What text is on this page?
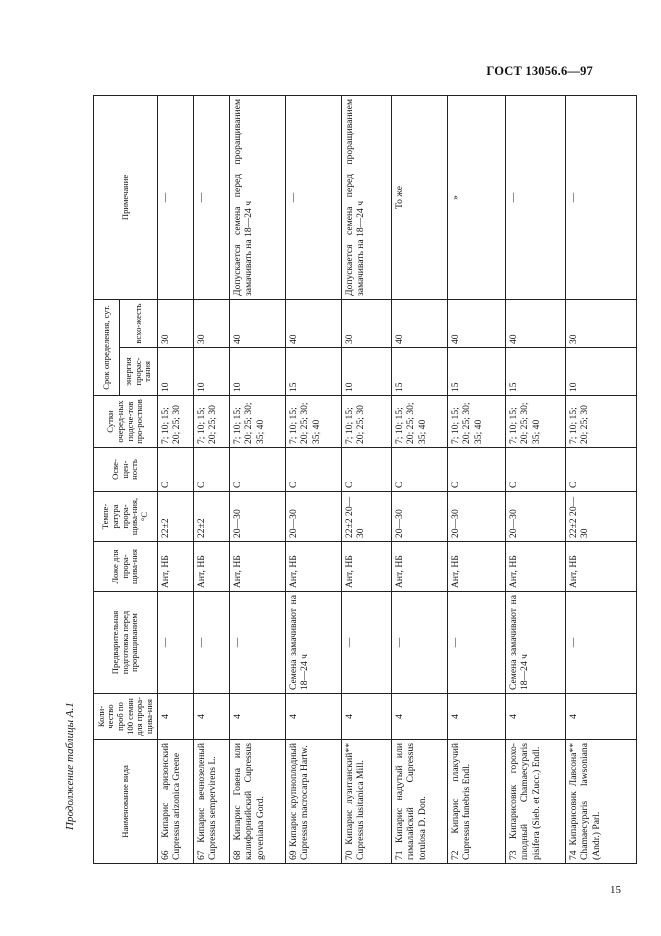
ГОСТ 13056.6—97
Продолжение таблицы А.1	Наименование вида	Коли-чество проб по 100 семян для прора-щива-ния	Предварительная подготовка перед проращиванием	Ложе для прора-щива-ния	Темпе-ратура прора-щива-ния, °С	Осве-щен-ность	Сутки очеред-ных подсче-тов про-ростков	Срок определения, сут.		Примечание
							энергия прорас-тания	всхо-жесть	
66 Кипарис аризонский Cupressus arizonica Greene	4	—	Ант, НБ	22±2	С	7; 10; 15; 20; 25; 30	10	30	—
67 Кипарис вечнозеленый Cupressus sempervirens L.	4	—	Ант, НБ	22±2	С	7; 10; 15; 20; 25; 30	10	30	—
68 Кипарис Говена или калифорнийский Cupressus goveniana Gord.	4	—	Ант, НБ	20—30	С	7; 10; 15; 20; 25; 30; 35; 40	10	40	Допускается семена перед проращиванием замачивать на 18—24 ч
69 Кипарис крупноплодный Cupressus macrocarpa Hartw.	4	Семена замачивают на 18—24 ч	Ант, НБ	20—30	С	7; 10; 15; 20; 25; 30; 35; 40	15	40	—
70 Кипарис лузитанский** Cupressus lusitanica Mill.	4	—	Ант, НБ	22±2 20—30	С	7; 10; 15; 20; 25; 30	10	30	Допускается семена перед проращиванием замачивать на 18—24 ч
71 Кипарис надутый или гималайский Cupressus torulosa D. Don.	4	—	Ант, НБ	20—30	С	7; 10; 15; 20; 25; 30; 35; 40	15	40	То же
72 Кипарис плакучий Cupressus funebris Endl.	4	—	Ант, НБ	20—30	С	7; 10; 15; 20; 25; 30; 35; 40	15	40	»
73 Кипарисовик горохо-плодный Chamaecyparis pisifera (Sieb. et Zucc.) Endl.	4	Семена замачивают на 18—24 ч	Ант, НБ	20—30	С	7; 10; 15; 20; 25; 30; 35; 40	15	40	—
74 Кипарисовик Лавсона** Chamaecyparis lawsoniana (Andr.) Parl.	4	—	Ант, НБ	22±2 20—30	С	7; 10; 15; 20; 25; 30	10	30	—
15
